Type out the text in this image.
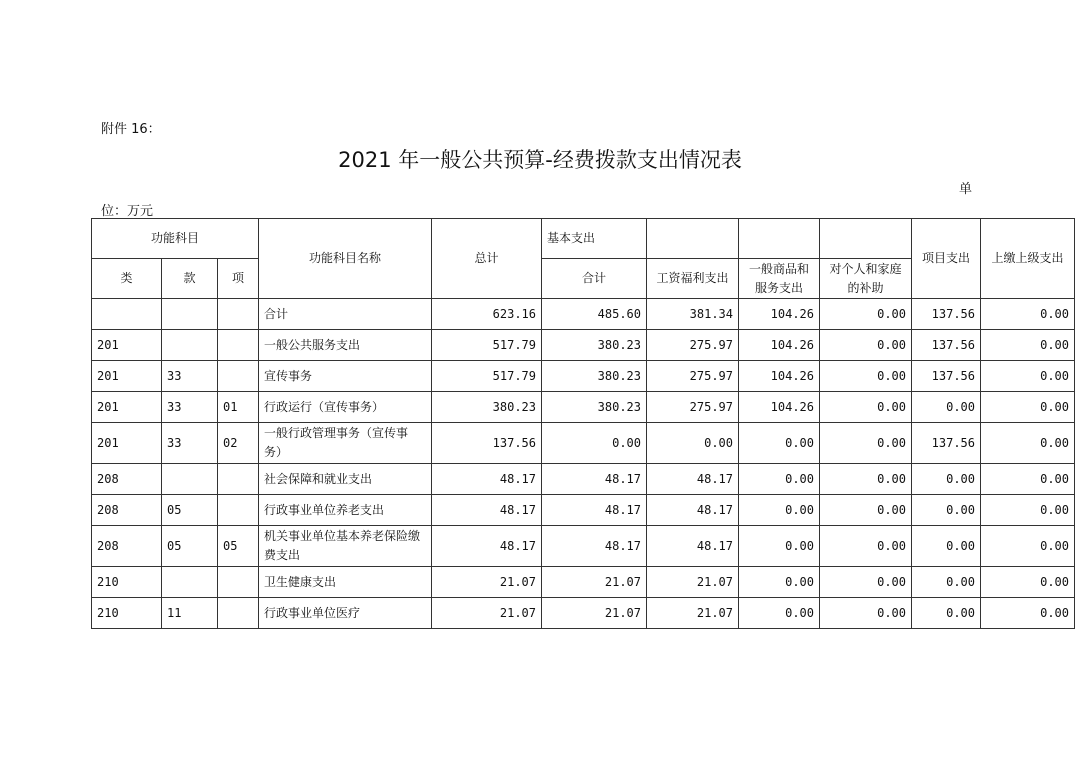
附件 16：
2021 年一般公共预算-经费拨款支出情况表
单
位：万元
功能科目			功能科目名称	总计	基本支出				项目支出	上缴上级支出
类	款	项			合计	工资福利支出	一般商品和服务支出	对个人和家庭的补助		
			合计	623.16	485.60	381.34	104.26	0.00	137.56	0.00
201			一般公共服务支出	517.79	380.23	275.97	104.26	0.00	137.56	0.00
201	33		宣传事务	517.79	380.23	275.97	104.26	0.00	137.56	0.00
201	33	01	行政运行（宣传事务）	380.23	380.23	275.97	104.26	0.00	0.00	0.00
201	33	02	一般行政管理事务（宣传事务）	137.56	0.00	0.00	0.00	0.00	137.56	0.00
208			社会保障和就业支出	48.17	48.17	48.17	0.00	0.00	0.00	0.00
208	05		行政事业单位养老支出	48.17	48.17	48.17	0.00	0.00	0.00	0.00
208	05	05	机关事业单位基本养老保险缴费支出	48.17	48.17	48.17	0.00	0.00	0.00	0.00
210			卫生健康支出	21.07	21.07	21.07	0.00	0.00	0.00	0.00
210	11		行政事业单位医疗	21.07	21.07	21.07	0.00	0.00	0.00	0.00
